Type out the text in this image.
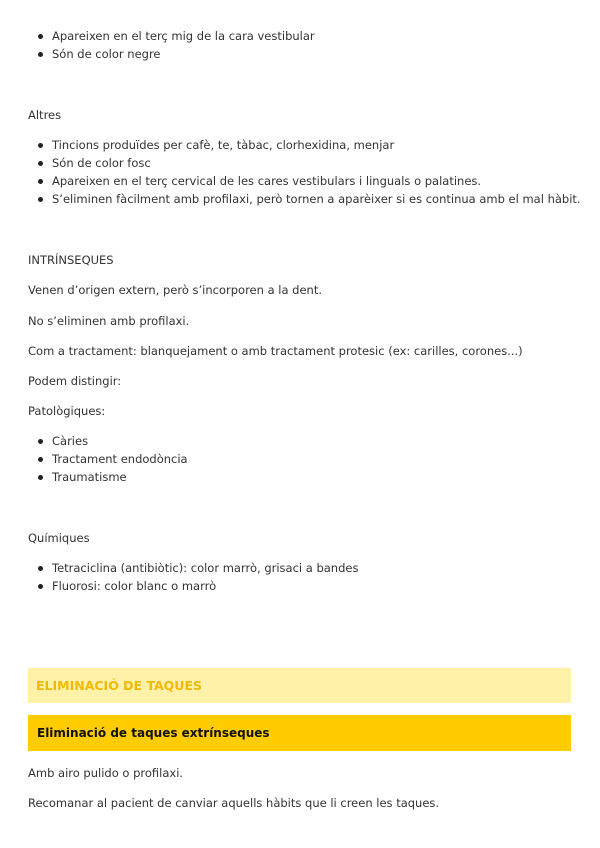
Apareixen en el terç mig de la cara vestibular
Són de color negre
Altres
Tincions produïdes per cafè, te, tàbac, clorhexidina, menjar
Són de color fosc
Apareixen en el terç cervical de les cares vestibulars i linguals o palatines.
S’eliminen fàcilment amb profilaxi, però tornen a aparèixer si es continua amb el mal hàbit.
INTRÍNSEQUES
Venen d’origen extern, però s’incorporen a la dent.
No s’eliminen amb profilaxi.
Com a tractament: blanquejament o amb tractament protesic (ex: carilles, corones...)
Podem distingir:
Patològiques:
Càries
Tractament endodòncia
Traumatisme
Químiques
Tetraciclina (antibiòtic): color marrò, grisaci a bandes
Fluorosi: color blanc o marrò
ELIMINACIÓ DE TAQUES
Eliminació de taques extrínseques
Amb airo pulido o profilaxi.
Recomanar al pacient de canviar aquells hàbits que li creen les taques.
